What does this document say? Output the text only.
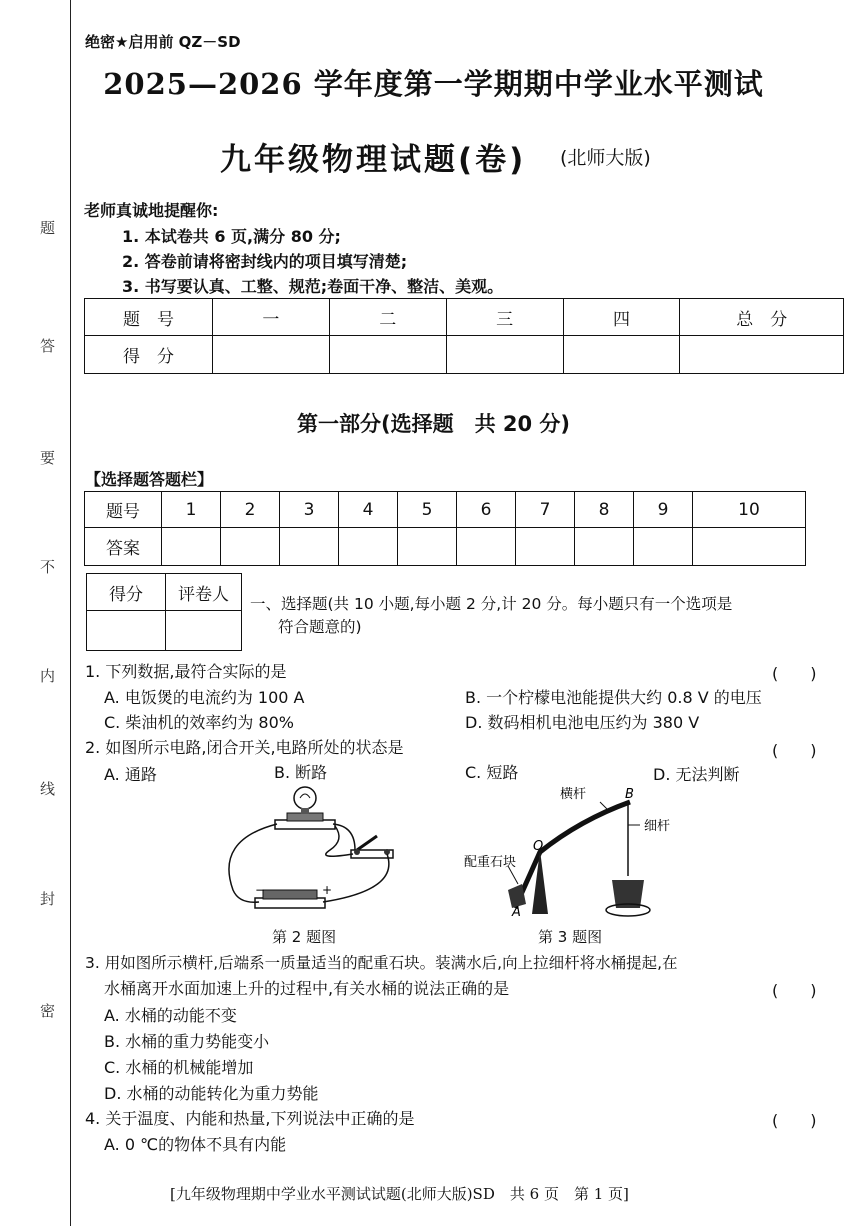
题
答
要
不
内
线
封
密
绝密★启用前 QZ－SD
2025—2026 学年度第一学期期中学业水平测试
九年级物理试题(卷) (北师大版)
老师真诚地提醒你:
1. 本试卷共 6 页,满分 80 分;
2. 答卷前请将密封线内的项目填写清楚;
3. 书写要认真、工整、规范;卷面干净、整洁、美观。
题　号	一	二	三	四	总　分
得　分					
第一部分(选择题　共 20 分)
【选择题答题栏】
题号	1	2	3	4	5	6	7	8	9	10
答案										
得分	评卷人
	一、选择题(共 10 小题,每小题 2 分,计 20 分。每小题只有一个选项是
符合题意的)
1. 下列数据,最符合实际的是	(　　)
A. 电饭煲的电流约为 100 A	B. 一个柠檬电池能提供大约 0.8 V 的电压
C. 柴油机的效率约为 80%	D. 数码相机电池电压约为 380 V
2. 如图所示电路,闭合开关,电路所处的状态是	(　　)
A. 通路	B. 断路	C. 短路	D. 无法判断
−	+
第 2 题图
横杆	B
细杆
O
配重石块
A
第 3 题图
3. 用如图所示横杆,后端系一质量适当的配重石块。装满水后,向上拉细杆将水桶提起,在
水桶离开水面加速上升的过程中,有关水桶的说法正确的是	(　　)
A. 水桶的动能不变
B. 水桶的重力势能变小
C. 水桶的机械能增加
D. 水桶的动能转化为重力势能
4. 关于温度、内能和热量,下列说法中正确的是	(　　)
A. 0 ℃的物体不具有内能
[九年级物理期中学业水平测试试题(北师大版)SD　共 6 页　第 1 页]
